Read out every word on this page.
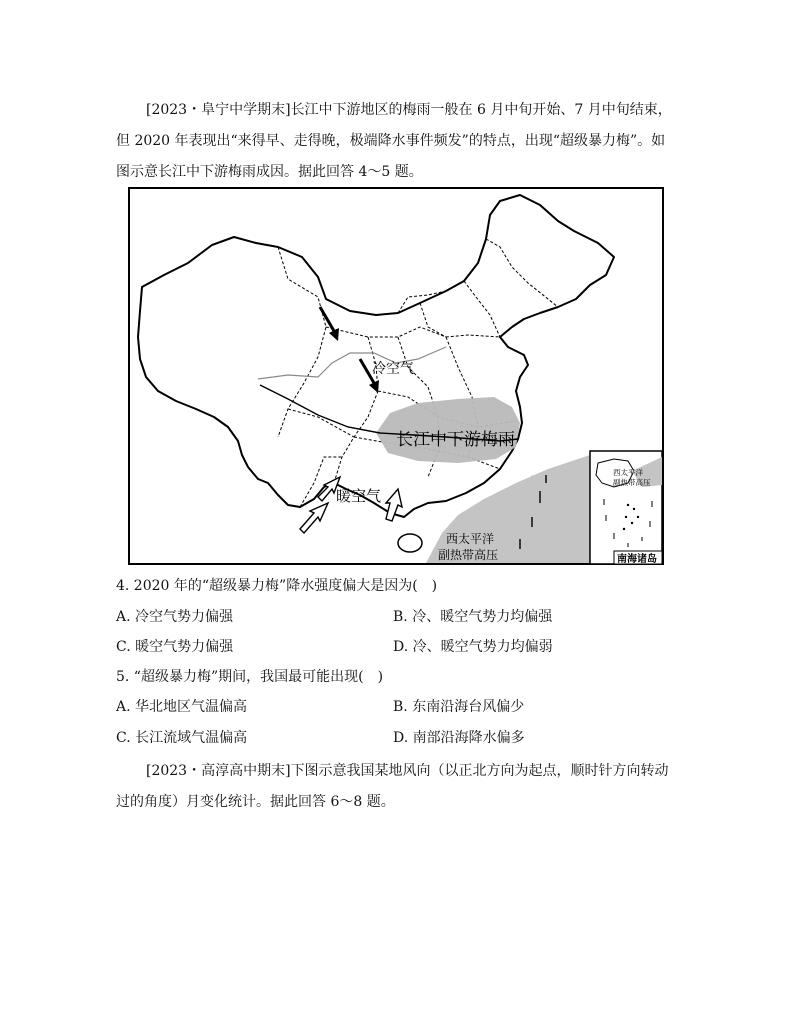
[2023・阜宁中学期末]长江中下游地区的梅雨一般在 6 月中旬开始、7 月中旬结束，但 2020 年表现出“来得早、走得晚，极端降水事件频发”的特点，出现“超级暴力梅”。如图示意长江中下游梅雨成因。据此回答 4～5 题。
冷空气
长江中下游梅雨
暖空气
西太平洋
副热带高压
西太平洋
副热带高压
南海诸岛
4. 2020 年的“超级暴力梅”降水强度偏大是因为(　)
A. 冷空气势力偏强	B. 冷、暖空气势力均偏强
C. 暖空气势力偏强	D. 冷、暖空气势力均偏弱
5. “超级暴力梅”期间，我国最可能出现(　)
A. 华北地区气温偏高	B. 东南沿海台风偏少
C. 长江流域气温偏高	D. 南部沿海降水偏多
[2023・高淳高中期末]下图示意我国某地风向（以正北方向为起点，顺时针方向转动过的角度）月变化统计。据此回答 6～8 题。
